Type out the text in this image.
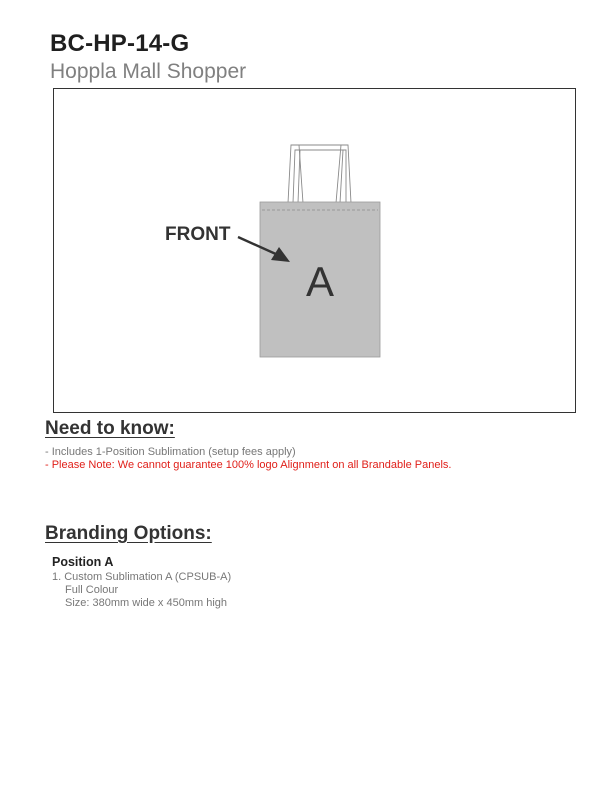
BC-HP-14-G
Hoppla Mall Shopper
A
FRONT
Need to know:
- Includes 1-Position Sublimation (setup fees apply)
- Please Note: We cannot guarantee 100% logo Alignment on all Brandable Panels.
Branding Options:
Position A
1. Custom Sublimation A (CPSUB-A)
Full Colour
Size: 380mm wide x 450mm high
